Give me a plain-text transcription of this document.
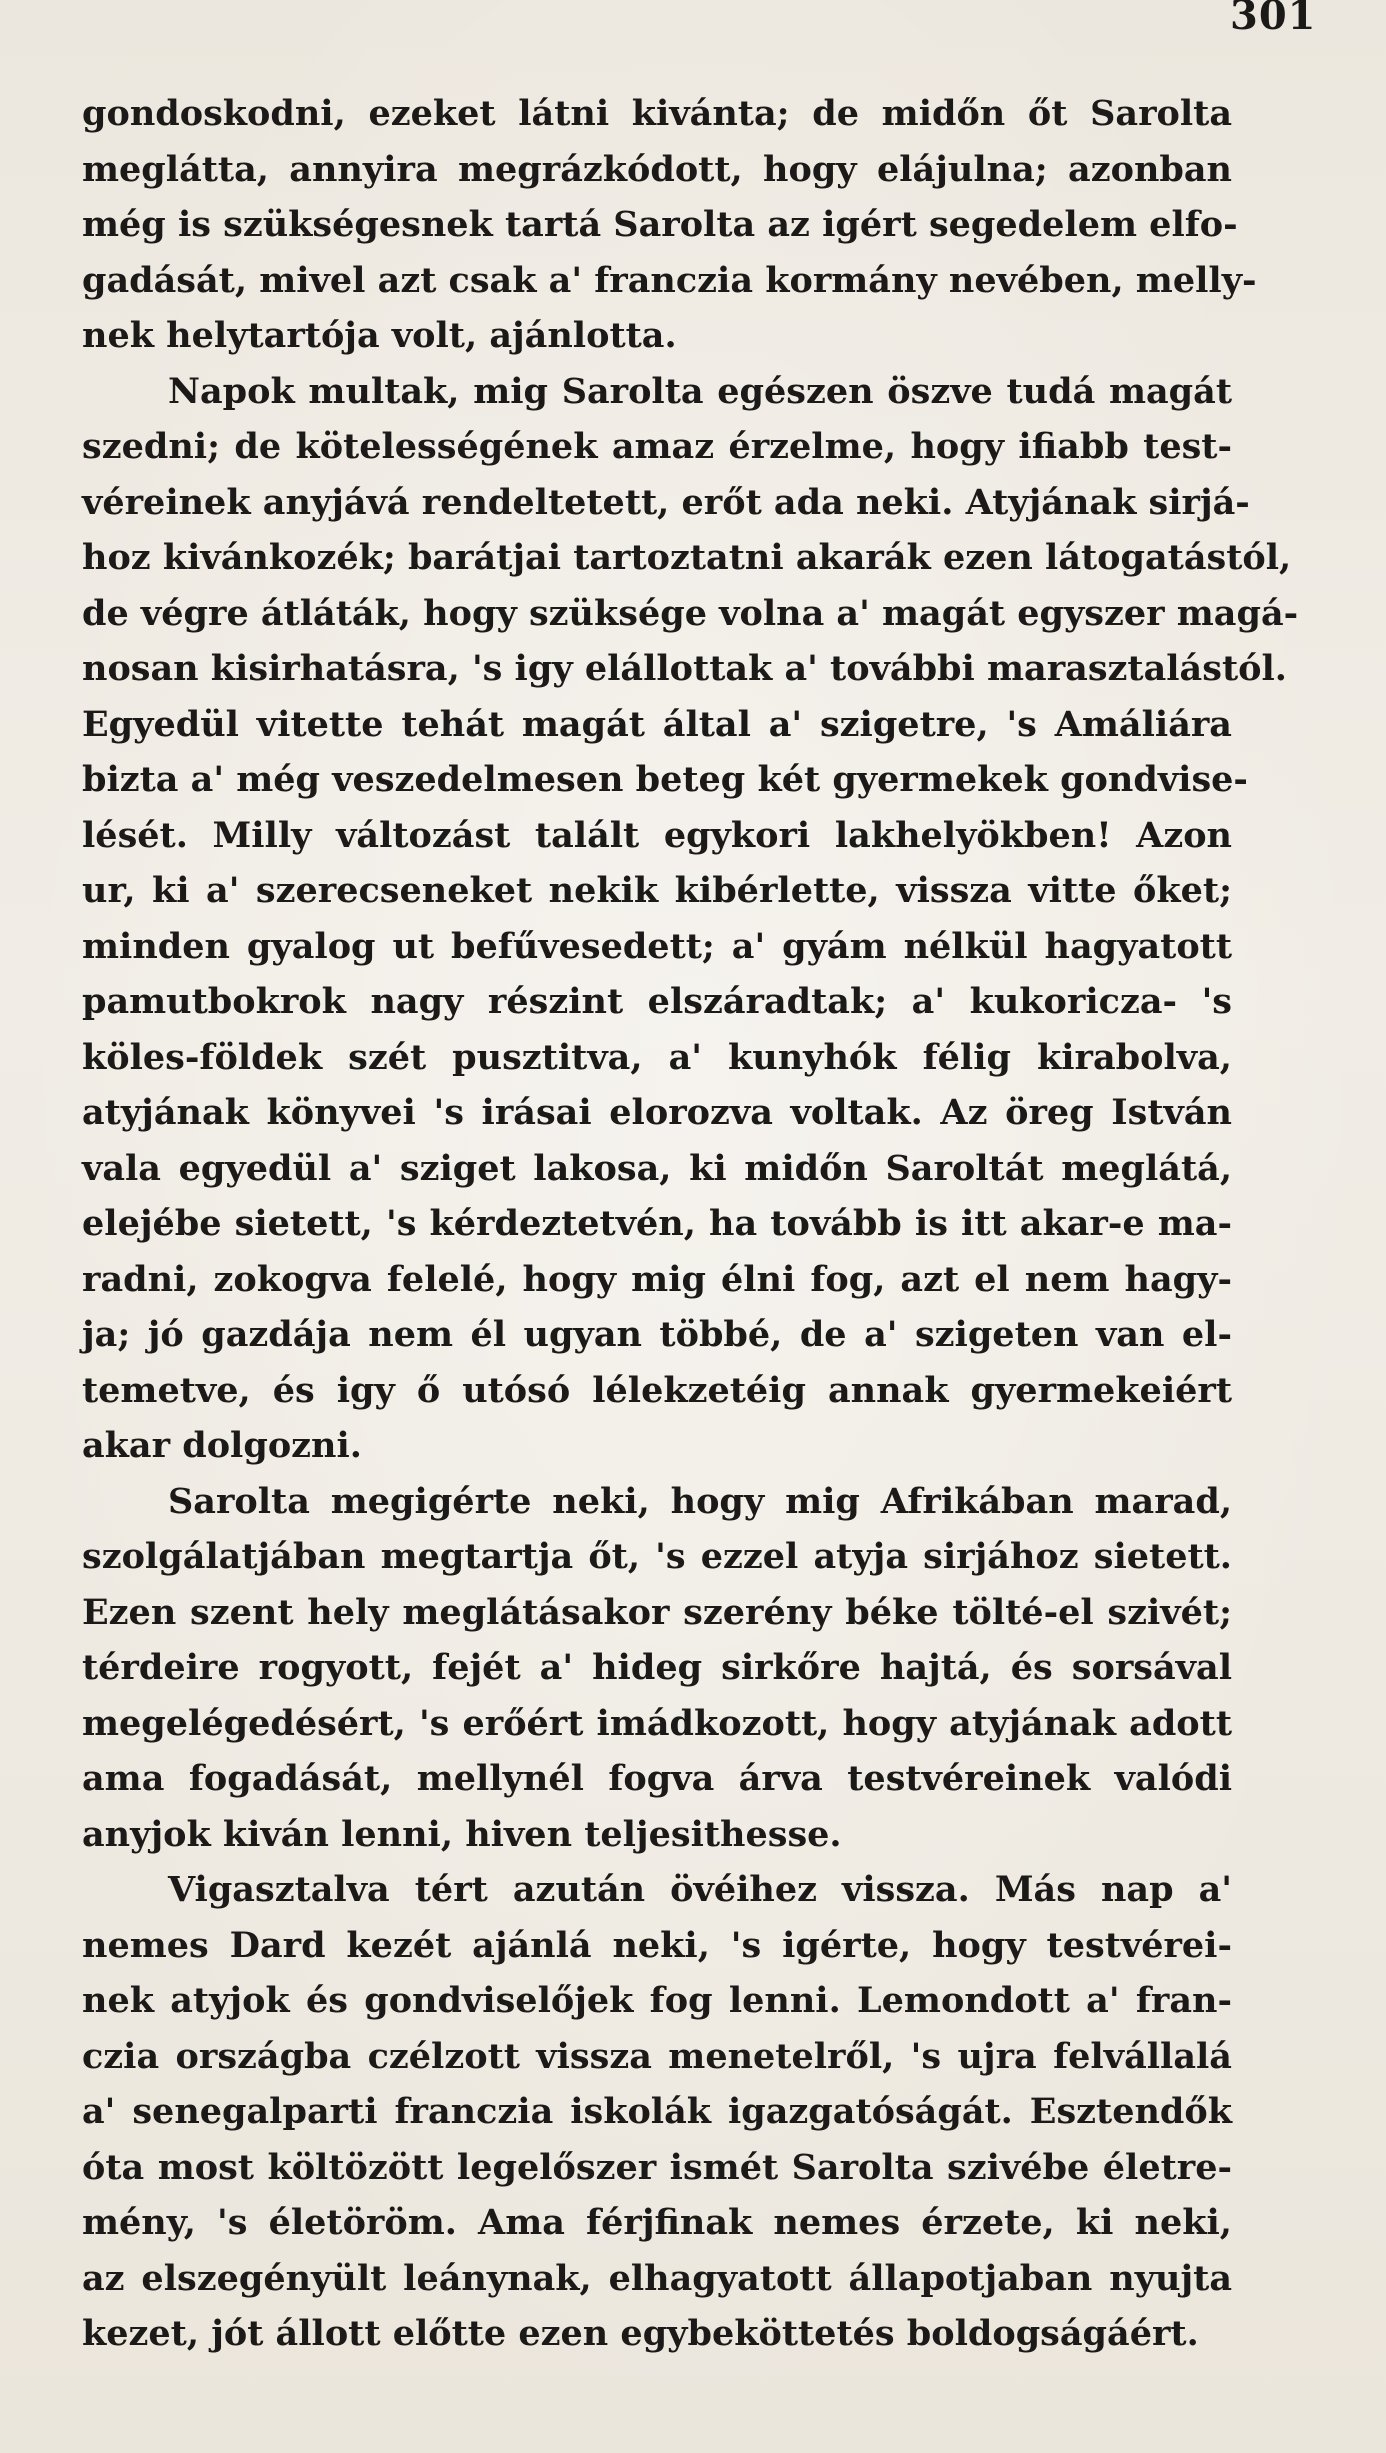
301
gondoskodni, ezeket látni kivánta; de midőn őt Sarolta
meglátta, annyira megrázkódott, hogy elájulna; azonban
még is szükségesnek tartá Sarolta az igért segedelem elfo-
gadását, mivel azt csak a' franczia kormány nevében, melly-
nek helytartója volt, ajánlotta.
Napok multak, mig Sarolta egészen öszve tudá magát
szedni; de kötelességének amaz érzelme, hogy ifiabb test-
véreinek anyjává rendeltetett, erőt ada neki. Atyjának sirjá-
hoz kivánkozék; barátjai tartoztatni akarák ezen látogatástól,
de végre átláták, hogy szüksége volna a' magát egyszer magá-
nosan kisirhatásra, 's igy elállottak a' további marasztalástól.
Egyedül vitette tehát magát által a' szigetre, 's Amáliára
bizta a' még veszedelmesen beteg két gyermekek gondvise-
lését. Milly változást talált egykori lakhelyökben! Azon
ur, ki a' szerecseneket nekik kibérlette, vissza vitte őket;
minden gyalog ut befűvesedett; a' gyám nélkül hagyatott
pamutbokrok nagy részint elszáradtak; a' kukoricza- 's
köles-földek szét pusztitva, a' kunyhók félig kirabolva,
atyjának könyvei 's irásai elorozva voltak. Az öreg István
vala egyedül a' sziget lakosa, ki midőn Saroltát meglátá,
elejébe sietett, 's kérdeztetvén, ha tovább is itt akar-e ma-
radni, zokogva felelé, hogy mig élni fog, azt el nem hagy-
ja; jó gazdája nem él ugyan többé, de a' szigeten van el-
temetve, és igy ő utósó lélekzetéig annak gyermekeiért
akar dolgozni.
Sarolta megigérte neki, hogy mig Afrikában marad,
szolgálatjában megtartja őt, 's ezzel atyja sirjához sietett.
Ezen szent hely meglátásakor szerény béke tölté-el szivét;
térdeire rogyott, fejét a' hideg sirkőre hajtá, és sorsával
megelégedésért, 's erőért imádkozott, hogy atyjának adott
ama fogadását, mellynél fogva árva testvéreinek valódi
anyjok kiván lenni, hiven teljesithesse.
Vigasztalva tért azután övéihez vissza. Más nap a'
nemes Dard kezét ajánlá neki, 's igérte, hogy testvérei-
nek atyjok és gondviselőjek fog lenni. Lemondott a' fran-
czia országba czélzott vissza menetelről, 's ujra felvállalá
a' senegalparti franczia iskolák igazgatóságát. Esztendők
óta most költözött legelőszer ismét Sarolta szivébe életre-
mény, 's életöröm. Ama férjfinak nemes érzete, ki neki,
az elszegényült leánynak, elhagyatott állapotjaban nyujta
kezet, jót állott előtte ezen egybeköttetés boldogságáért.
